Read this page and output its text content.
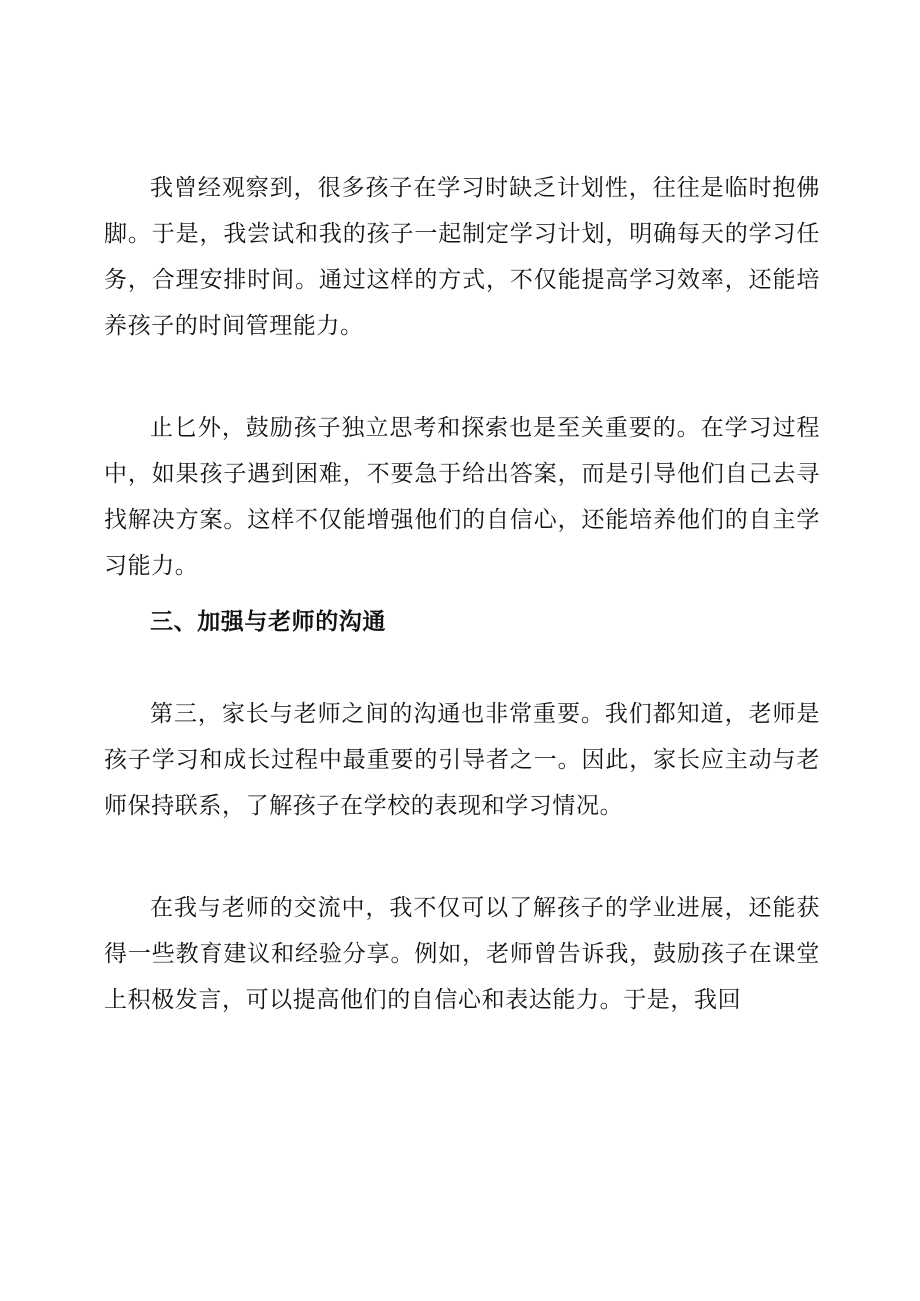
我曾经观察到，很多孩子在学习时缺乏计划性，往往是临时抱佛脚。于是，我尝试和我的孩子一起制定学习计划，明确每天的学习任务，合理安排时间。通过这样的方式，不仅能提高学习效率，还能培养孩子的时间管理能力。

止匕外，鼓励孩子独立思考和探索也是至关重要的。在学习过程中，如果孩子遇到困难，不要急于给出答案，而是引导他们自己去寻找解决方案。这样不仅能增强他们的自信心，还能培养他们的自主学习能力。

三、加强与老师的沟通

第三，家长与老师之间的沟通也非常重要。我们都知道，老师是孩子学习和成长过程中最重要的引导者之一。因此，家长应主动与老师保持联系，了解孩子在学校的表现和学习情况。

在我与老师的交流中，我不仅可以了解孩子的学业进展，还能获得一些教育建议和经验分享。例如，老师曾告诉我，鼓励孩子在课堂上积极发言，可以提高他们的自信心和表达能力。于是，我回
